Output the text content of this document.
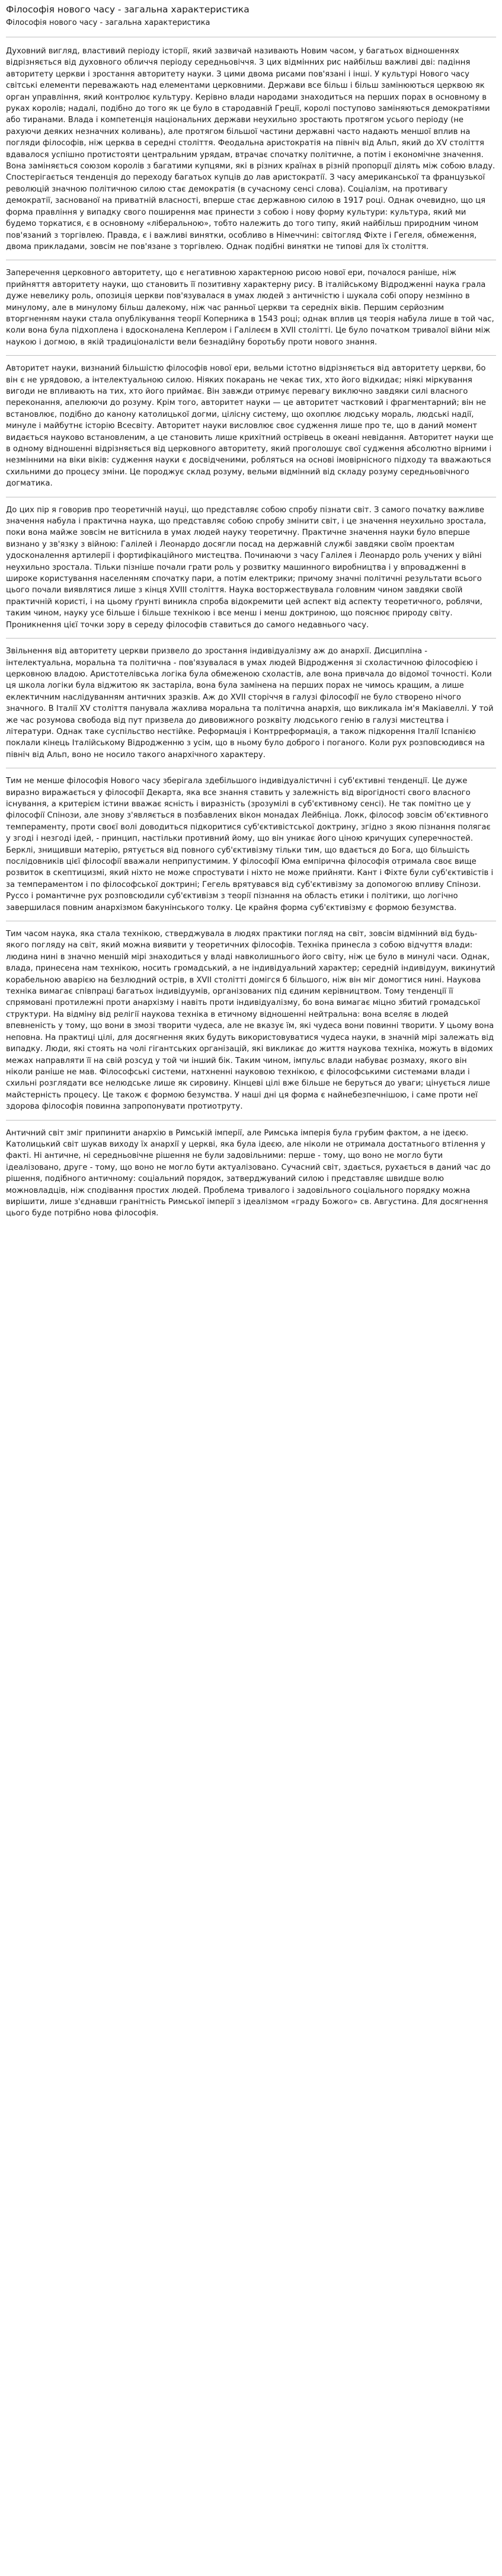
Філософія нового часу - загальна характеристика
Філософія нового часу - загальна характеристика

Духовний вигляд, властивий періоду історії, який зазвичай називають Новим часом, у багатьох відношеннях відрізняється від духовного обличчя періоду середньовіччя. З цих відмінних рис найбільш важливі дві: падіння авторитету церкви і зростання авторитету науки. З цими двома рисами пов'язані і інші. У культурі Нового часу світські елементи переважають над елементами церковними. Держави все більш і більш замінюються церквою як орган управління, який контролює культуру. Керівно влади народами знаходиться на перших порах в основному в руках королів; надалі, подібно до того як це було в стародавній Греції, королі поступово заміняються демократіями або тиранами. Влада і компетенція національних держави неухильно зростають протягом усього періоду (не рахуючи деяких незначних коливань), але протягом більшої частини державні часто надають меншої вплив на погляди філософів, ніж церква в середні століття. Феодальна аристократія на північ від Альп, який до XV століття вдавалося успішно протистояти центральним урядам, втрачає спочатку політичне, а потім і економічне значення. Вона заміняється союзом королів з багатими купцями, які в різних країнах в різній пропорції ділять між собою владу. Спостерігається тенденція до переходу багатьох купців до лав аристократії. З часу американської та французької революцій значною політичною силою стає демократія (в сучасному сенсі слова). Соціалізм, на противагу демократії, заснованої на приватній власності, вперше стає державною силою в 1917 році. Однак очевидно, що ця форма правління у випадку свого поширення має принести з собою і нову форму культури: культура, який ми будемо торкатися, є в основному «ліберальною», тобто належить до того типу, який найбільш природним чином пов'язаний з торгівлею. Правда, є і важливі винятки, особливо в Німеччині: світогляд Фіхте і Гегеля, обмеження, двома прикладами, зовсім не пов'язане з торгівлею. Однак подібні винятки не типові для їх століття.

Заперечення церковного авторитету, що є негативною характерною рисою нової ери, почалося раніше, ніж прийняття авторитету науки, що становить її позитивну характерну рису. В італійському Відродженні наука грала дуже невелику роль, опозиція церкви пов'язувалася в умах людей з античністю і шукала собі опору незмінно в минулому, але в минулому більш далекому, ніж час ранньої церкви та середніх віків. Першим серйозним вторгненням науки стала опублікування теорії Коперника в 1543 році; однак вплив ця теорія набула лише в той час, коли вона була підхоплена і вдосконалена Кеплером і Галілеєм в XVII столітті. Це було початком тривалої війни між наукою і догмою, в якій традиціоналісти вели безнадійну боротьбу проти нового знання.

Авторитет науки, визнаний більшістю філософів нової ери, вельми істотно відрізняється від авторитету церкви, бо він є не урядовою, а інтелектуальною силою. Ніяких покарань не чекає тих, хто його відкидає; ніякі міркування вигоди не впливають на тих, хто його приймає. Він завжди отримує перевагу виключно завдяки силі власного переконання, апелюючи до розуму. Крім того, авторитет науки — це авторитет частковий і фрагментарний; він не встановлює, подібно до канону католицької догми, цілісну систему, що охоплює людську мораль, людські надії, минуле і майбутнє історію Всесвіту. Авторитет науки висловлює своє судження лише про те, що в даний момент видається науково встановленим, а це становить лише крихітний острівець в океані невідання. Авторитет науки ще в одному відношенні відрізняється від церковного авторитету, який проголошує свої судження абсолютно вірними і незмінними на віки віків: судження науки є досвідченими, робляться на основі імовірнісного підходу та вважаються схильними до процесу зміни. Це породжує склад розуму, вельми відмінний від складу розуму середньовічного догматика.

До цих пір я говорив про теоретичній науці, що представляє собою спробу пізнати світ. З самого початку важливе значення набула і практична наука, що представляє собою спробу змінити світ, і це значення неухильно зростала, поки вона майже зовсім не витіснила в умах людей науку теоретичну. Практичне значення науки було вперше визнано у зв'язку з війною: Галілей і Леонардо досягли посад на державній службі завдяки своїм проектам удосконалення артилерії і фортифікаційного мистецтва. Починаючи з часу Галілея і Леонардо роль учених у війні неухильно зростала. Тільки пізніше почали грати роль у розвитку машинного виробництва і у впровадженні в широке користування населенням спочатку пари, а потім електрики; причому значні політичні результати всього цього почали виявлятися лише з кінця XVIII століття. Наука восторжествувала головним чином завдяки своїй практичній користі, і на цьому ґрунті виникла спроба відокремити цей аспект від аспекту теоретичного, роблячи, таким чином, науку усе більше і більше технікою і все менш і менш доктриною, що пояснює природу світу. Проникнення цієї точки зору в середу філософів ставиться до самого недавнього часу.

Звільнення від авторитету церкви призвело до зростання індивідуалізму аж до анархії. Дисципліна - інтелектуальна, моральна та політична - пов'язувалася в умах людей Відродження зі схоластичною філософією і церковною владою. Аристотелівська логіка була обмеженою схоластів, але вона привчала до відомої точності. Коли ця школа логіки була віджитою як застаріла, вона була замінена на перших порах не чимось кращим, а лише еклектичним наслідуванням античних зразків. Аж до XVII сторіччя в галузі філософії не було створено нічого значного. В Італії XV століття панувала жахлива моральна та політична анархія, що викликала ім'я Макіавеллі. У той же час розумова свобода від пут призвела до дивовижного розквіту людського генію в галузі мистецтва і літератури. Однак таке суспільство нестійке. Реформація і Контрреформація, а також підкорення Італії Іспанією поклали кінець Італійському Відродженню з усім, що в ньому було доброго і поганого. Коли рух розповсюдився на північ від Альп, воно не носило такого анархічного характеру.

Тим не менше філософія Нового часу зберігала здебільшого індивідуалістичні і суб'єктивні тенденції. Це дуже виразно виражається у філософії Декарта, яка все знання ставить у залежність від вірогідності свого власного існування, а критерієм істини вважає ясність і виразність (зрозумілі в суб'єктивному сенсі). Не так помітно це у філософії Спінози, але знову з'являється в позбавлених вікон монадах Лейбніца. Локк, філософ зовсім об'єктивного темпераменту, проти своєї волі доводиться підкоритися суб'єктивістської доктрину, згідно з якою пізнання полягає у згоді і незгоді ідей, - принцип, настільки противний йому, що він уникає його ціною кричущих суперечностей. Берклі, знищивши матерію, рятується від повного суб'єктивізму тільки тим, що вдається до Бога, що більшість послідовників цієї філософії вважали неприпустимим. У філософії Юма емпірична філософія отримала своє вище розвиток в скептицизмі, який ніхто не може спростувати і ніхто не може прийняти. Кант і Фіхте були суб'єктивістів і за темпераментом і по філософської доктрині; Гегель врятувався від суб'єктивізму за допомогою впливу Спінози. Руссо і романтичне рух розповсюдили суб'єктивізм з теорії пізнання на область етики і політики, що логічно завершилася повним анархізмом бакунінського толку. Це крайня форма суб'єктивізму є формою безумства.

Тим часом наука, яка стала технікою, стверджувала в людях практики погляд на світ, зовсім відмінний від будь-якого погляду на світ, який можна виявити у теоретичних філософів. Техніка принесла з собою відчуття влади: людина нині в значно меншій мірі знаходиться у владі навколишнього його світу, ніж це було в минулі часи. Однак, влада, принесена нам технікою, носить громадський, а не індивідуальний характер; середній індивідуум, викинутий корабельною аварією на безлюдний острів, в XVII столітті домігся б більшого, ніж він міг домогтися нині. Наукова техніка вимагає співпраці багатьох індивідуумів, організованих під єдиним керівництвом. Тому тенденції її спрямовані протилежні проти анархізму і навіть проти індивідуалізму, бо вона вимагає міцно збитий громадської структури. На відміну від релігії наукова техніка в етичному відношенні нейтральна: вона вселяє в людей впевненість у тому, що вони в змозі творити чудеса, але не вказує їм, які чудеса вони повинні творити. У цьому вона неповна. На практиці цілі, для досягнення яких будуть використовуватися чудеса науки, в значній мірі залежать від випадку. Люди, які стоять на чолі гігантських організацій, які викликає до життя наукова техніка, можуть в відомих межах направляти її на свій розсуд у той чи інший бік. Таким чином, імпульс влади набуває розмаху, якого він ніколи раніше не мав. Філософські системи, натхненні науковою технікою, є філософськими системами влади і схильні розглядати все нелюдське лише як сировину. Кінцеві цілі вже більше не беруться до уваги; цінується лише майстерність процесу. Це також є формою безумства. У наші дні ця форма є найнебезпечнішою, і саме проти неї здорова філософія повинна запропонувати протиотруту.

Античний світ зміг припинити анархію в Римській імперії, але Римська імперія була грубим фактом, а не ідеєю. Католицький світ шукав виходу їх анархії у церкві, яка була ідеєю, але ніколи не отримала достатнього втілення у факті. Ні античне, ні середньовічне рішення не були задовільними: перше - тому, що воно не могло бути ідеалізовано, друге - тому, що воно не могло бути актуалізовано. Сучасний світ, здається, рухається в даний час до рішення, подібного античному: соціальний порядок, затверджуваний силою і представляє швидше волю можновладців, ніж сподівання простих людей. Проблема тривалого і задовільного соціального порядку можна вирішити, лише з'єднавши гранітність Римської імперії з ідеалізмом «граду Божого» св. Августина. Для досягнення цього буде потрібно нова філософія.
